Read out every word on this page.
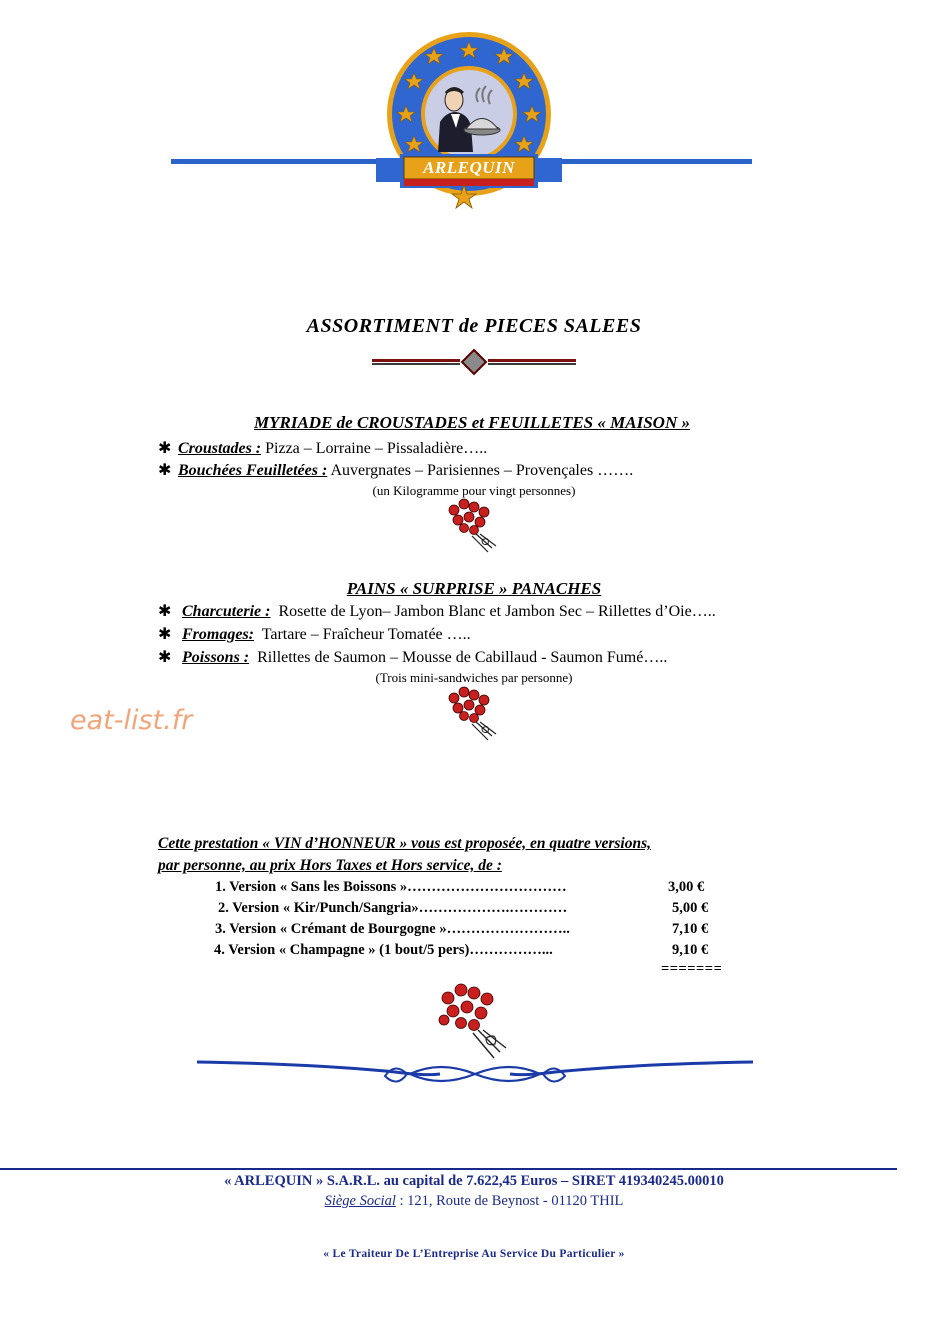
ARLEQUIN
ASSORTIMENT de PIECES SALEES
MYRIADE de CROUSTADES et FEUILLETES « MAISON »
✱ Croustades : Pizza – Lorraine – Pissaladière…..
✱ Bouchées Feuilletées : Auvergnates – Parisiennes – Provençales …….
(un Kilogramme pour vingt personnes)
PAINS « SURPRISE » PANACHES
✱ Charcuterie : Rosette de Lyon– Jambon Blanc et Jambon Sec – Rillettes d’Oie…..
✱ Fromages: Tartare – Fraîcheur Tomatée …..
✱ Poissons : Rillettes de Saumon – Mousse de Cabillaud - Saumon Fumé…..
(Trois mini-sandwiches par personne)
eat-list.fr
Cette prestation « VIN d’HONNEUR » vous est proposée, en quatre versions,
par personne, au prix Hors Taxes et Hors service, de :
1. Version « Sans les Boissons »……………………………	3,00 €
2. Version « Kir/Punch/Sangria»……………….…………	5,00 €
3. Version « Crémant de Bourgogne »……………………..	7,10 €
4. Version « Champagne » (1 bout/5 pers)……………...	9,10 €
=======
« ARLEQUIN » S.A.R.L. au capital de 7.622,45 Euros – SIRET 419340245.00010
Siège Social : 121, Route de Beynost - 01120 THIL
« Le Traiteur De L’Entreprise Au Service Du Particulier »
